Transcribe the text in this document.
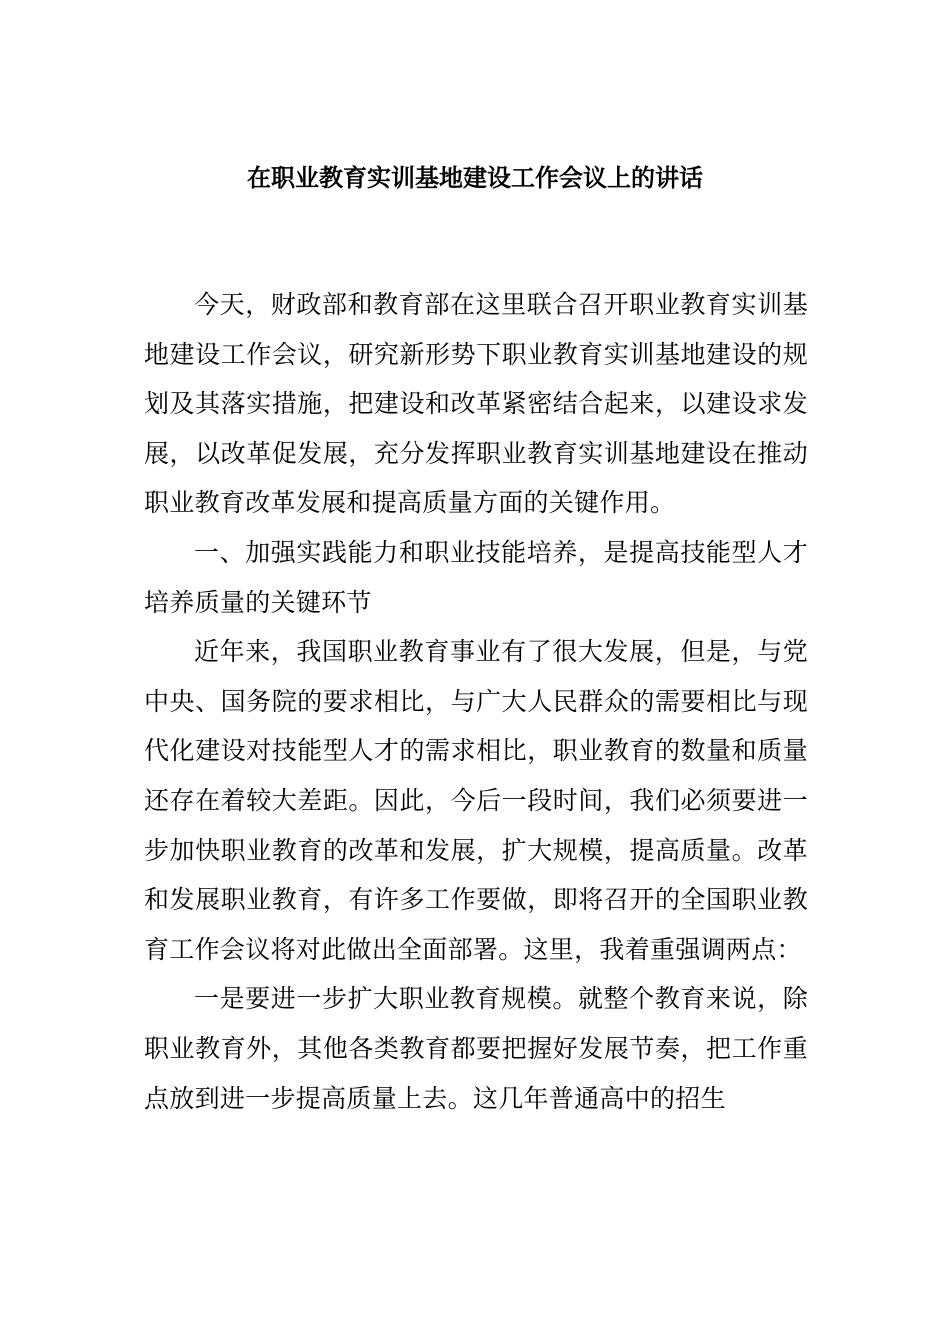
在职业教育实训基地建设工作会议上的讲话

今天，财政部和教育部在这里联合召开职业教育实训基地建设工作会议，研究新形势下职业教育实训基地建设的规划及其落实措施，把建设和改革紧密结合起来，以建设求发展，以改革促发展，充分发挥职业教育实训基地建设在推动职业教育改革发展和提高质量方面的关键作用。

一、加强实践能力和职业技能培养，是提高技能型人才培养质量的关键环节

近年来，我国职业教育事业有了很大发展，但是，与党中央、国务院的要求相比，与广大人民群众的需要相比与现代化建设对技能型人才的需求相比，职业教育的数量和质量还存在着较大差距。因此，今后一段时间，我们必须要进一步加快职业教育的改革和发展，扩大规模，提高质量。改革和发展职业教育，有许多工作要做，即将召开的全国职业教育工作会议将对此做出全面部署。这里，我着重强调两点：

一是要进一步扩大职业教育规模。就整个教育来说，除职业教育外，其他各类教育都要把握好发展节奏，把工作重点放到进一步提高质量上去。这几年普通高中的招生
